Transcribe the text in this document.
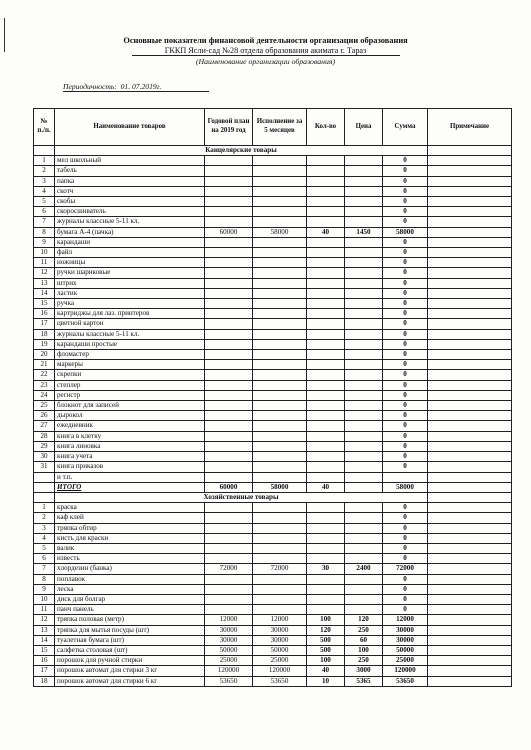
Основные показатели финансовой деятельности организации образования
ГККП Ясли-сад №28 отдела образования акимата г. Тараз
(Наименование организации образования)
Периодичность: 01. 07.2019г.
№ п./п.	Наименование товаров	Годовой план на 2019 год	Исполнение за 5 месяцев	Кол-во	Цена	Сумма	Примечание
	Канцелярские товары						
1	мел школьный					0	
2	табель					0	
3	папка					0	
4	скотч					0	
5	скобы					0	
6	скоросшиватель					0	
7	журналы классные 5-11 кл.					0	
8	бумага А-4 (пачка)	60000	58000	40	1450	58000	
9	карандаши					0	
10	файл					0	
11	ножницы					0	
12	ручки шариковые					0	
13	штрих					0	
14	ластик					0	
15	ручка					0	
16	картриджы для лаз. принтеров					0	
17	цветной картон					0	
18	журналы классные 5-11 кл.					0	
19	карандаши простые					0	
20	фломастер					0	
21	маркеры					0	
22	скрепки					0	
23	степлер					0	
24	регистр					0	
25	блокнот для записей					0	
26	дырокол					0	
27	ежедневник					0	
28	книга в клетку					0	
29	книга линовка					0	
30	книга учета					0	
31	книга приказов					0	
	и т.п.						
	ИТОГО	60000	58000	40		58000	
	Хозяйственные товары						
1	краска					0	
2	каф клей					0	
3	тряпка обтир					0	
4	кисть для краски					0	
5	валик					0	
6	известь					0	
7	хлордезин (банка)	72000	72000	30	2400	72000	
8	поплавок					0	
9	леска					0	
10	диск для болгар					0	
11	панч панель					0	
12	тряпка половая (метр)	12000	12000	100	120	12000	
13	тряпка для мытья посуды (шт)	30000	30000	120	250	30000	
14	туалетная бумага (шт)	30000	30000	500	60	30000	
15	салфетка столовая (шт)	50000	50000	500	100	50000	
16	порошок для ручной стирки	25000	25000	100	250	25000	
17	порошок автомат для стирки 3 кг	120000	120000	40	3000	120000	
18	порошок автомат для стирки 6 кг	53650	53650	10	5365	53650	
